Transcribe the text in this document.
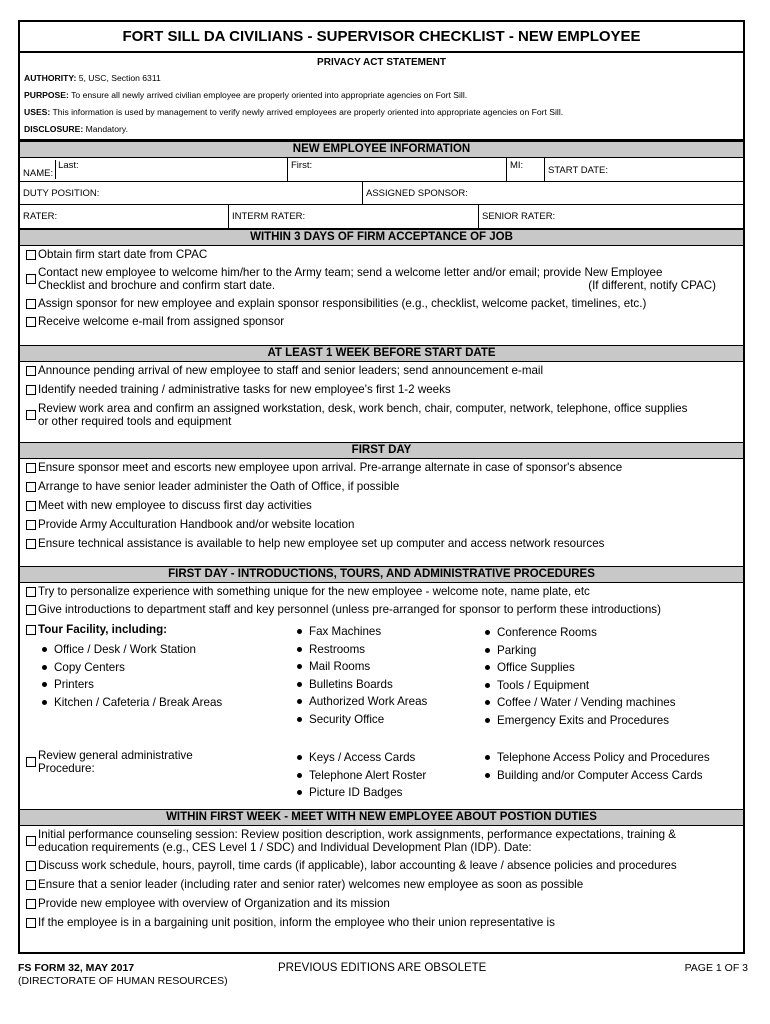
FORT SILL DA CIVILIANS - SUPERVISOR CHECKLIST - NEW EMPLOYEE
PRIVACY ACT STATEMENT
AUTHORITY: 5, USC, Section 6311
PURPOSE: To ensure all newly arrived civilian employee are properly oriented into appropriate agencies on Fort Sill.
USES: This information is used by management to verify newly arrived employees are properly oriented into appropriate agencies on Fort Sill.
DISCLOSURE: Mandatory.
NEW EMPLOYEE INFORMATION
NAME:
Last:	First:	MI:	START DATE:
DUTY POSITION:	ASSIGNED SPONSOR:
RATER:	INTERM RATER:	SENIOR RATER:
WITHIN 3 DAYS OF FIRM ACCEPTANCE OF JOB
Obtain firm start date from CPAC
Contact new employee to welcome him/her to the Army team; send a welcome letter and/or email; provide New Employee
Checklist and brochure and confirm start date.	(If different, notify CPAC)
Assign sponsor for new employee and explain sponsor responsibilities (e.g., checklist, welcome packet, timelines, etc.)
Receive welcome e-mail from assigned sponsor
AT LEAST 1 WEEK BEFORE START DATE
Announce pending arrival of new employee to staff and senior leaders; send announcement e-mail
Identify needed training / administrative tasks for new employee's first 1-2 weeks
Review work area and confirm an assigned workstation, desk, work bench, chair, computer, network, telephone, office supplies
or other required tools and equipment
FIRST DAY
Ensure sponsor meet and escorts new employee upon arrival. Pre-arrange alternate in case of sponsor's absence
Arrange to have senior leader administer the Oath of Office, if possible
Meet with new employee to discuss first day activities
Provide Army Acculturation Handbook and/or website location
Ensure technical assistance is available to help new employee set up computer and access network resources
FIRST DAY - INTRODUCTIONS, TOURS, AND ADMINISTRATIVE PROCEDURES
Try to personalize experience with something unique for the new employee - welcome note, name plate, etc
Give introductions to department staff and key personnel (unless pre-arranged for sponsor to perform these introductions)
Tour Facility, including:
Office / Desk / Work Station
Copy Centers
Printers
Kitchen / Cafeteria / Break Areas
Fax Machines
Restrooms
Mail Rooms
Bulletins Boards
Authorized Work Areas
Security Office
Conference Rooms
Parking
Office Supplies
Tools / Equipment
Coffee / Water / Vending machines
Emergency Exits and Procedures
Review general administrative
Procedure:
Keys / Access Cards
Telephone Alert Roster
Picture ID Badges
Telephone Access Policy and Procedures
Building and/or Computer Access Cards
WITHIN FIRST WEEK - MEET WITH NEW EMPLOYEE ABOUT POSTION DUTIES
Initial performance counseling session: Review position description, work assignments, performance expectations, training &
education requirements (e.g., CES Level 1 / SDC) and Individual Development Plan (IDP). Date:
Discuss work schedule, hours, payroll, time cards (if applicable), labor accounting & leave / absence policies and procedures
Ensure that a senior leader (including rater and senior rater) welcomes new employee as soon as possible
Provide new employee with overview of Organization and its mission
If the employee is in a bargaining unit position, inform the employee who their union representative is
FS FORM 32, MAY 2017	PREVIOUS EDITIONS ARE OBSOLETE	PAGE 1 OF 3
(DIRECTORATE OF HUMAN RESOURCES)
